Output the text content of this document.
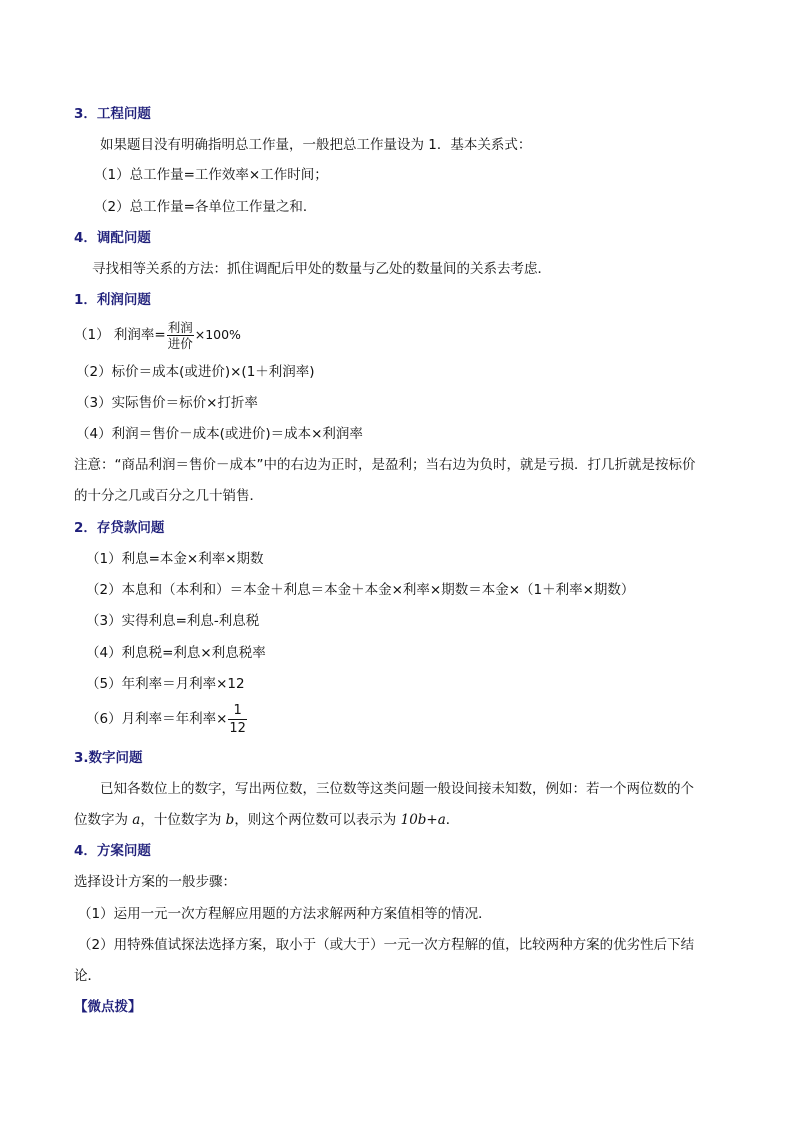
3．工程问题
如果题目没有明确指明总工作量，一般把总工作量设为 1．基本关系式：
（1）总工作量=工作效率×工作时间；
（2）总工作量=各单位工作量之和．
4．调配问题
寻找相等关系的方法：抓住调配后甲处的数量与乙处的数量间的关系去考虑．
1．利润问题
（1） 利润率= $\frac{\text{利润}}{\text{进价}} \times 100\%$
（2）标价＝成本(或进价)×(1＋利润率)
（3）实际售价＝标价×打折率
（4）利润＝售价－成本(或进价)＝成本×利润率
注意：“商品利润＝售价－成本”中的右边为正时，是盈利；当右边为负时，就是亏损．打几折就是按标价
的十分之几或百分之几十销售．
2．存贷款问题
（1）利息=本金×利率×期数
（2）本息和（本利和）＝本金＋利息＝本金＋本金×利率×期数＝本金×（1＋利率×期数）
（3）实得利息=利息-利息税
（4）利息税=利息×利息税率
（5）年利率＝月利率×12
（6）月利率＝年利率× $\frac{1}{12}$
3.数字问题
已知各数位上的数字，写出两位数，三位数等这类问题一般设间接未知数，例如：若一个两位数的个
位数字为 a，十位数字为 b，则这个两位数可以表示为 10b+a．
4．方案问题
选择设计方案的一般步骤：
（1）运用一元一次方程解应用题的方法求解两种方案值相等的情况．
（2）用特殊值试探法选择方案，取小于（或大于）一元一次方程解的值，比较两种方案的优劣性后下结
论．
【微点拨】
